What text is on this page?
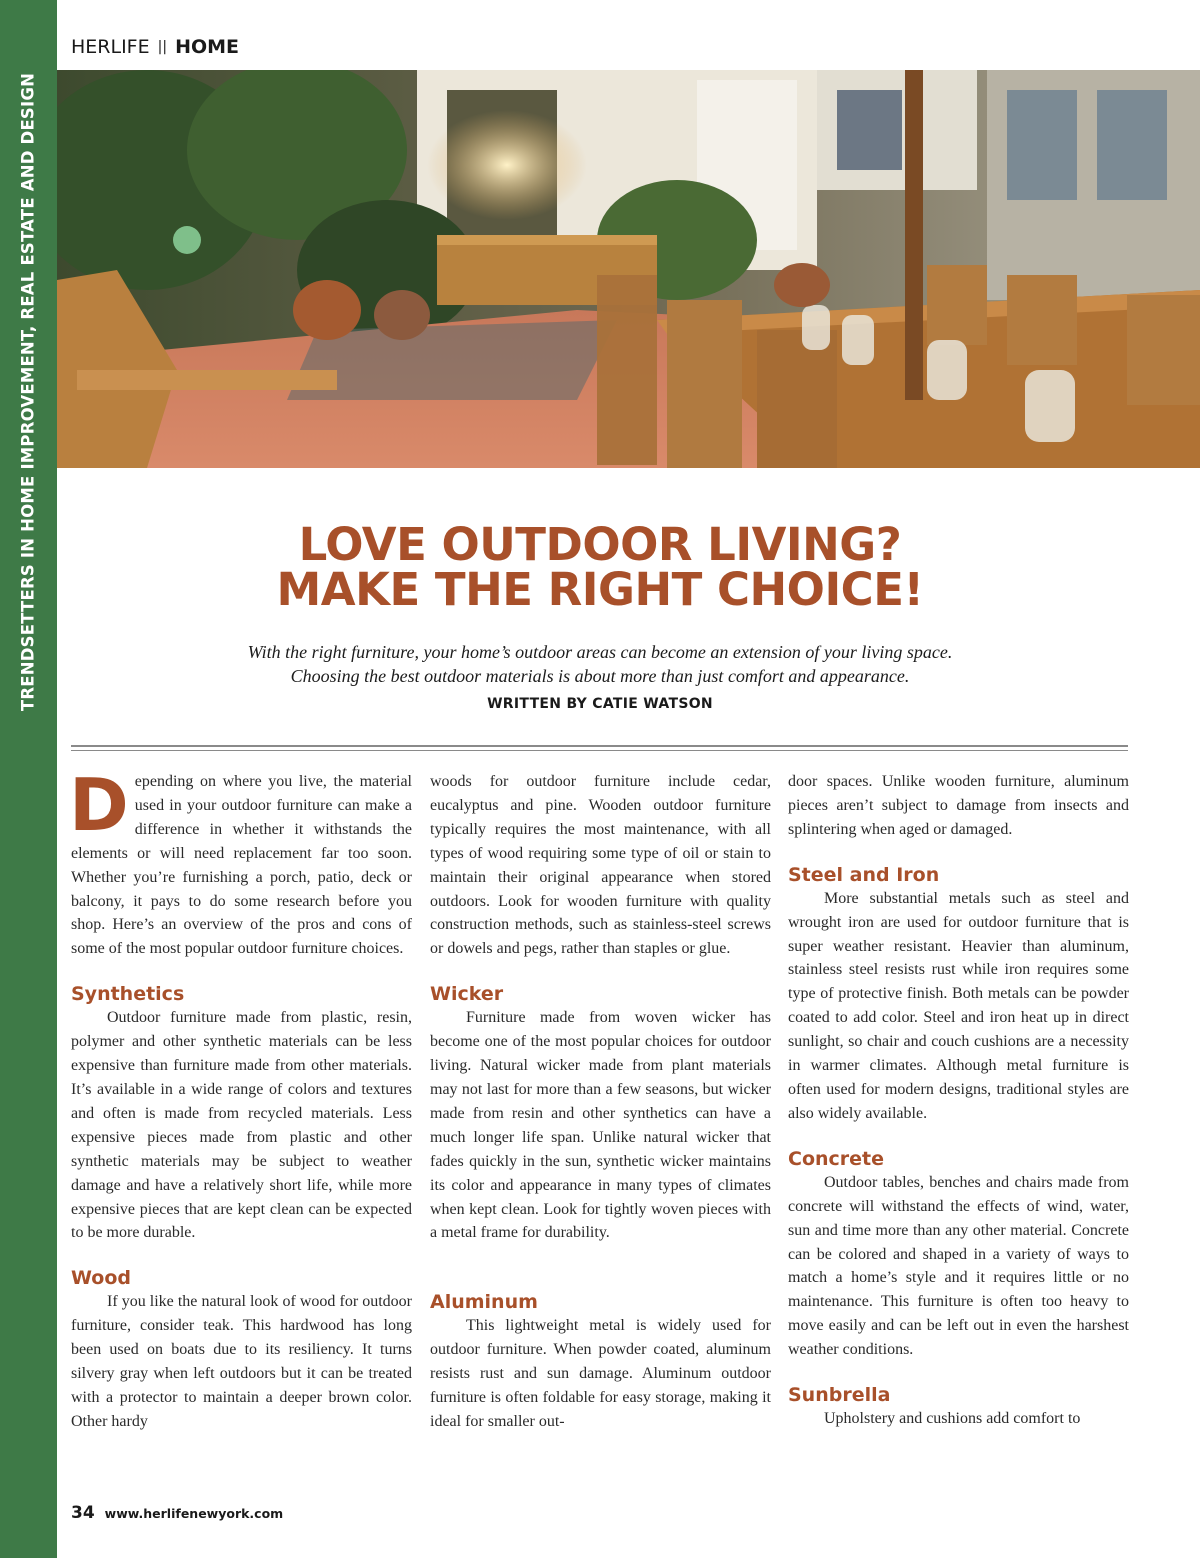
TRENDSETTERS IN HOME IMPROVEMENT, REAL ESTATE AND DESIGN
HERLIFE || HOME
LOVE OUTDOOR LIVING?
MAKE THE RIGHT CHOICE!
With the right furniture, your home’s outdoor areas can become an extension of your living space.
Choosing the best outdoor materials is about more than just comfort and appearance.
WRITTEN BY CATIE WATSON

Depending on where you live, the material used in your outdoor furniture can make a difference in whether it withstands the elements or will need replacement far too soon. Whether you’re furnishing a porch, patio, deck or balcony, it pays to do some research before you shop. Here’s an overview of the pros and cons of some of the most popular outdoor furniture choices.

Synthetics

Outdoor furniture made from plastic, resin, polymer and other synthetic materials can be less expensive than furniture made from other materials. It’s available in a wide range of colors and textures and often is made from recycled materials. Less expensive pieces made from plastic and other synthetic materials may be subject to weather damage and have a relatively short life, while more expensive pieces that are kept clean can be expected to be more durable.

Wood

If you like the natural look of wood for outdoor furniture, consider teak. This hardwood has long been used on boats due to its resiliency. It turns silvery gray when left outdoors but it can be treated with a protector to maintain a deeper brown color. Other hardy

woods for outdoor furniture include cedar, eucalyptus and pine. Wooden outdoor furniture typically requires the most maintenance, with all types of wood requiring some type of oil or stain to maintain their original appearance when stored outdoors. Look for wooden furniture with quality construction methods, such as stainless-steel screws or dowels and pegs, rather than staples or glue.

Wicker

Furniture made from woven wicker has become one of the most popular choices for outdoor living. Natural wicker made from plant materials may not last for more than a few seasons, but wicker made from resin and other synthetics can have a much longer life span. Unlike natural wicker that fades quickly in the sun, synthetic wicker maintains its color and appearance in many types of climates when kept clean. Look for tightly woven pieces with a metal frame for durability.

Aluminum

This lightweight metal is widely used for outdoor furniture. When powder coated, aluminum resists rust and sun damage. Aluminum outdoor furniture is often foldable for easy storage, making it ideal for smaller out-

door spaces. Unlike wooden furniture, aluminum pieces aren’t subject to damage from insects and splintering when aged or damaged.

Steel and Iron

More substantial metals such as steel and wrought iron are used for outdoor furniture that is super weather resistant. Heavier than aluminum, stainless steel resists rust while iron requires some type of protective finish. Both metals can be powder coated to add color. Steel and iron heat up in direct sunlight, so chair and couch cushions are a necessity in warmer climates. Although metal furniture is often used for modern designs, traditional styles are also widely available.

Concrete

Outdoor tables, benches and chairs made from concrete will withstand the effects of wind, water, sun and time more than any other material. Concrete can be colored and shaped in a variety of ways to match a home’s style and it requires little or no maintenance. This furniture is often too heavy to move easily and can be left out in even the harshest weather conditions.

Sunbrella

Upholstery and cushions add comfort to

34 www.herlifenewyork.com
